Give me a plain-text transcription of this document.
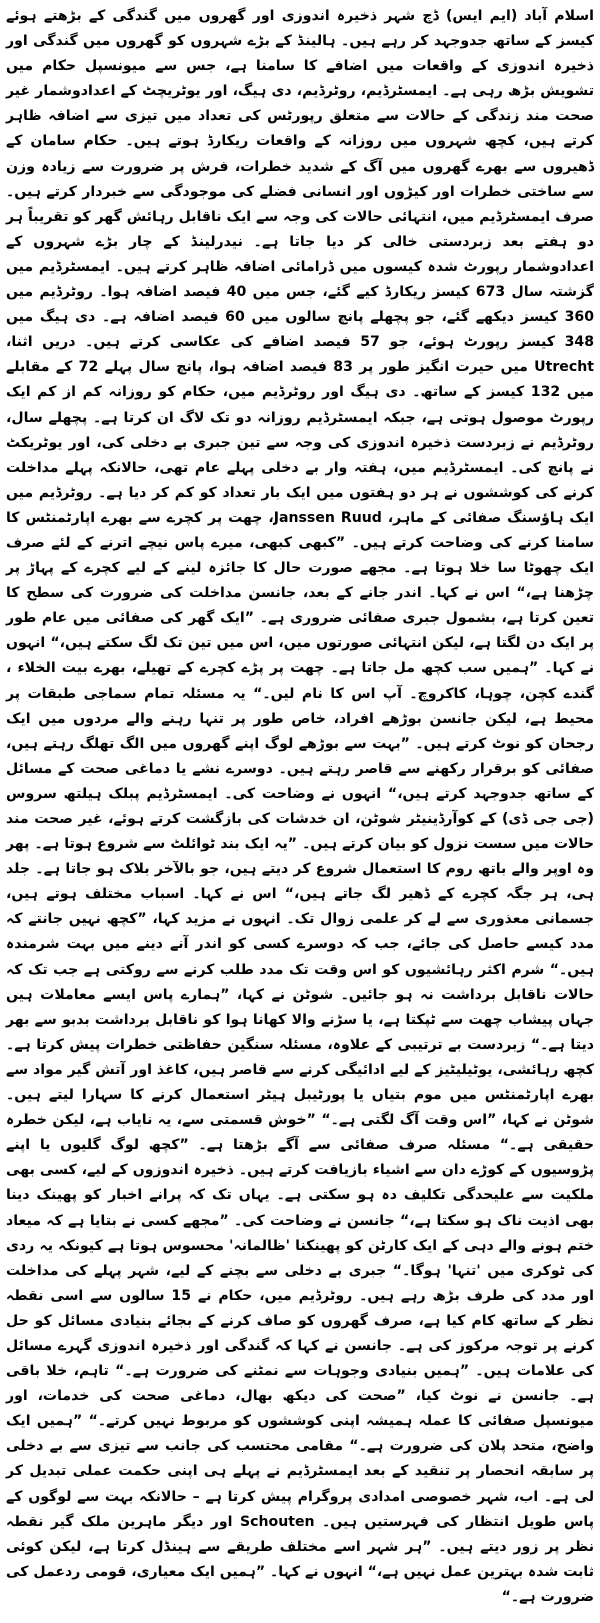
اسلام آباد (ایم ایس) ڈچ شہر ذخیرہ اندوزی اور گھروں میں گندگی کے بڑھتے ہوئے کیسز کے ساتھ جدوجہد کر رہے ہیں۔ ہالینڈ کے بڑے شہروں کو گھروں میں گندگی اور ذخیرہ اندوزی کے واقعات میں اضافے کا سامنا ہے، جس سے میونسپل حکام میں تشویش بڑھ رہی ہے۔ ایمسٹرڈیم، روٹرڈیم، دی ہیگ، اور یوٹریچٹ کے اعدادوشمار غیر صحت مند زندگی کے حالات سے متعلق رپورٹس کی تعداد میں تیزی سے اضافہ ظاہر کرتے ہیں، کچھ شہروں میں روزانہ کے واقعات ریکارڈ ہوتے ہیں۔ حکام سامان کے ڈھیروں سے بھرے گھروں میں آگ کے شدید خطرات، فرش پر ضرورت سے زیادہ وزن سے ساختی خطرات اور کیڑوں اور انسانی فضلے کی موجودگی سے خبردار کرتے ہیں۔ صرف ایمسٹرڈیم میں، انتہائی حالات کی وجہ سے ایک ناقابل رہائش گھر کو تقریباً ہر دو ہفتے بعد زبردستی خالی کر دیا جاتا ہے۔ نیدرلینڈ کے چار بڑے شہروں کے اعدادوشمار رپورٹ شدہ کیسوں میں ڈرامائی اضافہ ظاہر کرتے ہیں۔ ایمسٹرڈیم میں گزشتہ سال 673 کیسز ریکارڈ کیے گئے، جس میں 40 فیصد اضافہ ہوا۔ روٹرڈیم میں 360 کیسز دیکھے گئے، جو پچھلے پانچ سالوں میں 60 فیصد اضافہ ہے۔ دی ہیگ میں 348 کیسز رپورٹ ہوئے، جو 57 فیصد اضافے کی عکاسی کرتے ہیں۔ دریں اثنا، Utrecht میں حیرت انگیز طور پر 83 فیصد اضافہ ہوا، پانچ سال پہلے 72 کے مقابلے میں 132 کیسز کے ساتھ۔ دی ہیگ اور روٹرڈیم میں، حکام کو روزانہ کم از کم ایک رپورٹ موصول ہوتی ہے، جبکہ ایمسٹرڈیم روزانہ دو تک لاگ ان کرتا ہے۔ پچھلے سال، روٹرڈیم نے زبردست ذخیرہ اندوزی کی وجہ سے تین جبری بے دخلی کی، اور یوٹریکٹ نے پانچ کی۔ ایمسٹرڈیم میں، ہفتہ وار بے دخلی پہلے عام تھی، حالانکہ پہلے مداخلت کرنے کی کوششوں نے ہر دو ہفتوں میں ایک بار تعداد کو کم کر دیا ہے۔ روٹرڈیم میں ایک ہاؤسنگ صفائی کے ماہر، Janssen Ruud، چھت پر کچرے سے بھرے اپارٹمنٹس کا سامنا کرنے کی وضاحت کرتے ہیں۔ ”کبھی کبھی، میرے پاس نیچے اترنے کے لئے صرف ایک چھوٹا سا خلا ہوتا ہے۔ مجھے صورت حال کا جائزہ لینے کے لیے کچرے کے پہاڑ پر چڑھنا ہے،“ اس نے کہا۔ اندر جانے کے بعد، جانسن مداخلت کی ضرورت کی سطح کا تعین کرتا ہے، بشمول جبری صفائی ضروری ہے۔ ”ایک گھر کی صفائی میں عام طور پر ایک دن لگتا ہے، لیکن انتہائی صورتوں میں، اس میں تین تک لگ سکتے ہیں،“ انہوں نے کہا۔ ”ہمیں سب کچھ مل جاتا ہے۔ چھت پر پڑے کچرے کے تھیلے، بھرے بیت الخلاء ، گندے کچن، چوہا، کاکروچ۔ آپ اس کا نام لیں۔“ یہ مسئلہ تمام سماجی طبقات پر محیط ہے، لیکن جانسن بوڑھے افراد، خاص طور پر تنہا رہنے والے مردوں میں ایک رجحان کو نوٹ کرتے ہیں۔ ”بہت سے بوڑھے لوگ اپنے گھروں میں الگ تھلگ رہتے ہیں، صفائی کو برقرار رکھنے سے قاصر رہتے ہیں۔ دوسرے نشے یا دماغی صحت کے مسائل کے ساتھ جدوجہد کرتے ہیں،“ انہوں نے وضاحت کی۔ ایمسٹرڈیم پبلک ہیلتھ سروس (جی جی ڈی) کے کوآرڈینیٹر شوٹن، ان خدشات کی بازگشت کرتے ہوئے، غیر صحت مند حالات میں سست نزول کو بیان کرتے ہیں۔ ”یہ ایک بند ٹوائلٹ سے شروع ہوتا ہے۔ پھر وہ اوپر والے باتھ روم کا استعمال شروع کر دیتے ہیں، جو بالآخر بلاک ہو جاتا ہے۔ جلد ہی، ہر جگہ کچرے کے ڈھیر لگ جاتے ہیں،“ اس نے کہا۔ اسباب مختلف ہوتے ہیں، جسمانی معذوری سے لے کر علمی زوال تک۔ انہوں نے مزید کہا، ”کچھ نہیں جانتے کہ مدد کیسے حاصل کی جائے، جب کہ دوسرے کسی کو اندر آنے دینے میں بہت شرمندہ ہیں۔“ شرم اکثر رہائشیوں کو اس وقت تک مدد طلب کرنے سے روکتی ہے جب تک کہ حالات ناقابل برداشت نہ ہو جائیں۔ شوٹن نے کہا، ”ہمارے پاس ایسے معاملات ہیں جہاں پیشاب چھت سے ٹپکتا ہے، یا سڑنے والا کھانا ہوا کو ناقابل برداشت بدبو سے بھر دیتا ہے۔“ زبردست بے ترتیبی کے علاوہ، مسئلہ سنگین حفاظتی خطرات پیش کرتا ہے۔ کچھ رہائشی، یوٹیلیٹیز کے لیے ادائیگی کرنے سے قاصر ہیں، کاغذ اور آتش گیر مواد سے بھرے اپارٹمنٹس میں موم بتیاں یا پورٹیبل ہیٹر استعمال کرنے کا سہارا لیتے ہیں۔ شوٹن نے کہا، ”اس وقت آگ لگتی ہے۔“ ”خوش قسمتی سے، یہ نایاب ہے، لیکن خطرہ حقیقی ہے۔“ مسئلہ صرف صفائی سے آگے بڑھتا ہے۔ ”کچھ لوگ گلیوں یا اپنے پڑوسیوں کے کوڑے دان سے اشیاء بازیافت کرتے ہیں۔ ذخیرہ اندوزوں کے لیے، کسی بھی ملکیت سے علیحدگی تکلیف دہ ہو سکتی ہے۔ یہاں تک کہ پرانے اخبار کو پھینک دینا بھی اذیت ناک ہو سکتا ہے،“ جانسن نے وضاحت کی۔ ”مجھے کسی نے بتایا ہے کہ میعاد ختم ہونے والے دہی کے ایک کارٹن کو پھینکنا 'ظالمانہ' محسوس ہوتا ہے کیونکہ یہ ردی کی ٹوکری میں 'تنہا' ہوگا۔“ جبری بے دخلی سے بچنے کے لیے، شہر پہلے کی مداخلت اور مدد کی طرف بڑھ رہے ہیں۔ روٹرڈیم میں، حکام نے 15 سالوں سے اسی نقطہ نظر کے ساتھ کام کیا ہے، صرف گھروں کو صاف کرنے کے بجائے بنیادی مسائل کو حل کرنے پر توجہ مرکوز کی ہے۔ جانسن نے کہا کہ گندگی اور ذخیرہ اندوزی گہرے مسائل کی علامات ہیں۔ ”ہمیں بنیادی وجوہات سے نمٹنے کی ضرورت ہے۔“ تاہم، خلا باقی ہے۔ جانسن نے نوٹ کیا، ”صحت کی دیکھ بھال، دماغی صحت کی خدمات، اور میونسپل صفائی کا عملہ ہمیشہ اپنی کوششوں کو مربوط نہیں کرتے۔“ ”ہمیں ایک واضح، متحد پلان کی ضرورت ہے۔“ مقامی محتسب کی جانب سے تیزی سے بے دخلی پر سابقہ انحصار پر تنقید کے بعد ایمسٹرڈیم نے پہلے ہی اپنی حکمت عملی تبدیل کر لی ہے۔ اب، شہر خصوصی امدادی پروگرام پیش کرتا ہے – حالانکہ بہت سے لوگوں کے پاس طویل انتظار کی فہرستیں ہیں۔ Schouten اور دیگر ماہرین ملک گیر نقطہ نظر پر زور دیتے ہیں۔ ”ہر شہر اسے مختلف طریقے سے ہینڈل کرتا ہے، لیکن کوئی ثابت شدہ بہترین عمل نہیں ہے،“ انہوں نے کہا۔ ”ہمیں ایک معیاری، قومی ردعمل کی ضرورت ہے۔“
